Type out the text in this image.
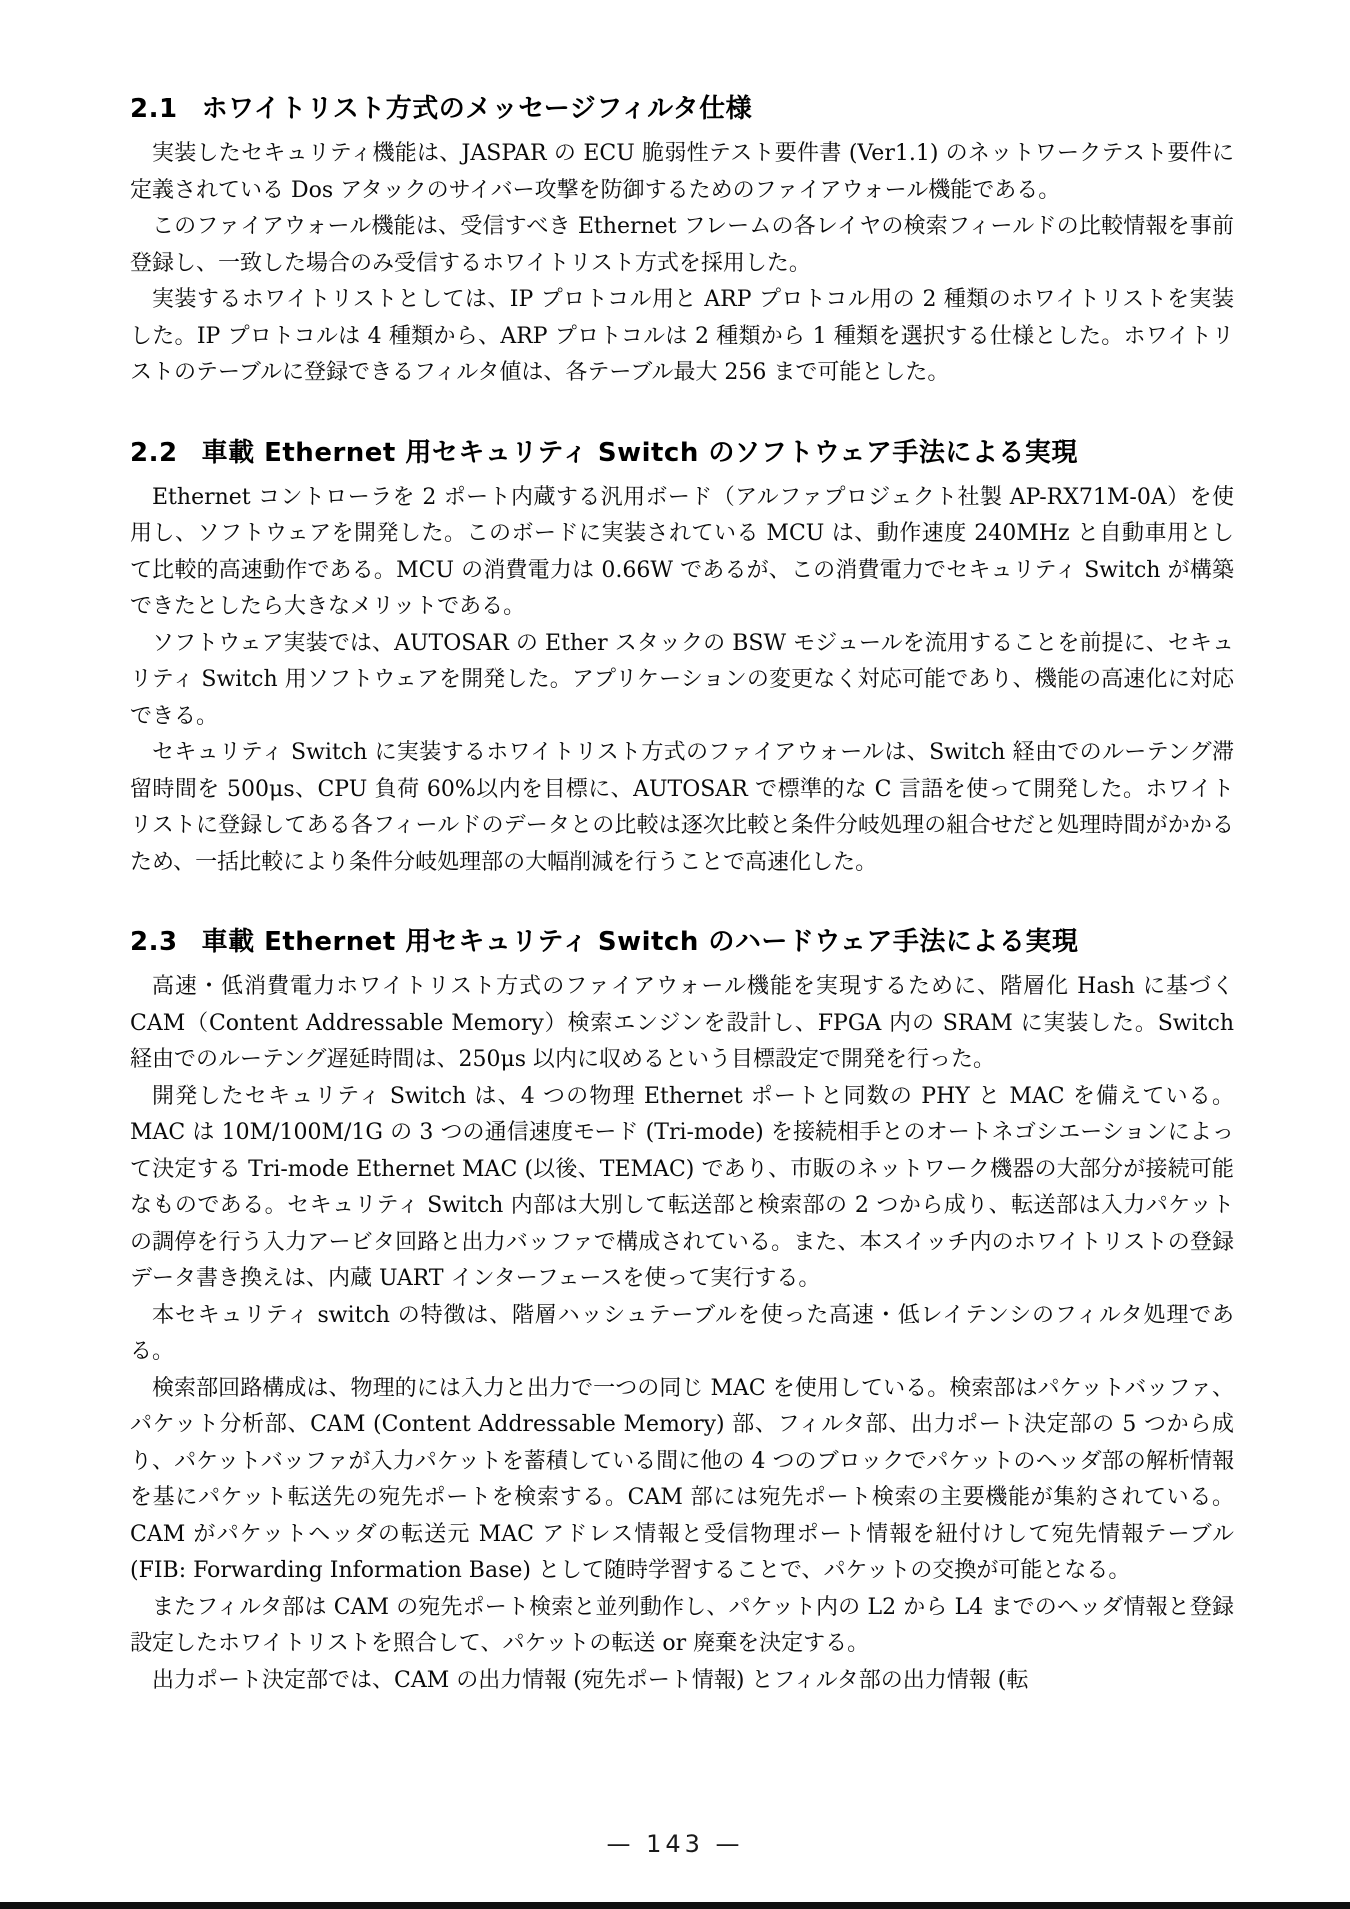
2.1 ホワイトリスト方式のメッセージフィルタ仕様

実装したセキュリティ機能は、JASPAR の ECU 脆弱性テスト要件書 (Ver1.1) のネットワークテスト要件に定義されている Dos アタックのサイバー攻撃を防御するためのファイアウォール機能である。

このファイアウォール機能は、受信すべき Ethernet フレームの各レイヤの検索フィールドの比較情報を事前登録し、一致した場合のみ受信するホワイトリスト方式を採用した。

実装するホワイトリストとしては、IP プロトコル用と ARP プロトコル用の 2 種類のホワイトリストを実装した。IP プロトコルは 4 種類から、ARP プロトコルは 2 種類から 1 種類を選択する仕様とした。ホワイトリストのテーブルに登録できるフィルタ値は、各テーブル最大 256 まで可能とした。

2.2 車載 Ethernet 用セキュリティ Switch のソフトウェア手法による実現

Ethernet コントローラを 2 ポート内蔵する汎用ボード（アルファプロジェクト社製 AP-RX71M-0A）を使用し、ソフトウェアを開発した。このボードに実装されている MCU は、動作速度 240MHz と自動車用として比較的高速動作である。MCU の消費電力は 0.66W であるが、この消費電力でセキュリティ Switch が構築できたとしたら大きなメリットである。

ソフトウェア実装では、AUTOSAR の Ether スタックの BSW モジュールを流用することを前提に、セキュリティ Switch 用ソフトウェアを開発した。アプリケーションの変更なく対応可能であり、機能の高速化に対応できる。

セキュリティ Switch に実装するホワイトリスト方式のファイアウォールは、Switch 経由でのルーテング滞留時間を 500μs、CPU 負荷 60%以内を目標に、AUTOSAR で標準的な C 言語を使って開発した。ホワイトリストに登録してある各フィールドのデータとの比較は逐次比較と条件分岐処理の組合せだと処理時間がかかるため、一括比較により条件分岐処理部の大幅削減を行うことで高速化した。

2.3 車載 Ethernet 用セキュリティ Switch のハードウェア手法による実現

高速・低消費電力ホワイトリスト方式のファイアウォール機能を実現するために、階層化 Hash に基づく CAM（Content Addressable Memory）検索エンジンを設計し、FPGA 内の SRAM に実装した。Switch 経由でのルーテング遅延時間は、250μs 以内に収めるという目標設定で開発を行った。

開発したセキュリティ Switch は、4 つの物理 Ethernet ポートと同数の PHY と MAC を備えている。MAC は 10M/100M/1G の 3 つの通信速度モード (Tri-mode) を接続相手とのオートネゴシエーションによって決定する Tri-mode Ethernet MAC (以後、TEMAC) であり、市販のネットワーク機器の大部分が接続可能なものである。セキュリティ Switch 内部は大別して転送部と検索部の 2 つから成り、転送部は入力パケットの調停を行う入力アービタ回路と出力バッファで構成されている。また、本スイッチ内のホワイトリストの登録データ書き換えは、内蔵 UART インターフェースを使って実行する。

本セキュリティ switch の特徴は、階層ハッシュテーブルを使った高速・低レイテンシのフィルタ処理である。

検索部回路構成は、物理的には入力と出力で一つの同じ MAC を使用している。検索部はパケットバッファ、パケット分析部、CAM (Content Addressable Memory) 部、フィルタ部、出力ポート決定部の 5 つから成り、パケットバッファが入力パケットを蓄積している間に他の 4 つのブロックでパケットのヘッダ部の解析情報を基にパケット転送先の宛先ポートを検索する。CAM 部には宛先ポート検索の主要機能が集約されている。CAM がパケットヘッダの転送元 MAC アドレス情報と受信物理ポート情報を紐付けして宛先情報テーブル (FIB: Forwarding Information Base) として随時学習することで、パケットの交換が可能となる。

またフィルタ部は CAM の宛先ポート検索と並列動作し、パケット内の L2 から L4 までのヘッダ情報と登録設定したホワイトリストを照合して、パケットの転送 or 廃棄を決定する。

出力ポート決定部では、CAM の出力情報 (宛先ポート情報) とフィルタ部の出力情報 (転

— 143 —
